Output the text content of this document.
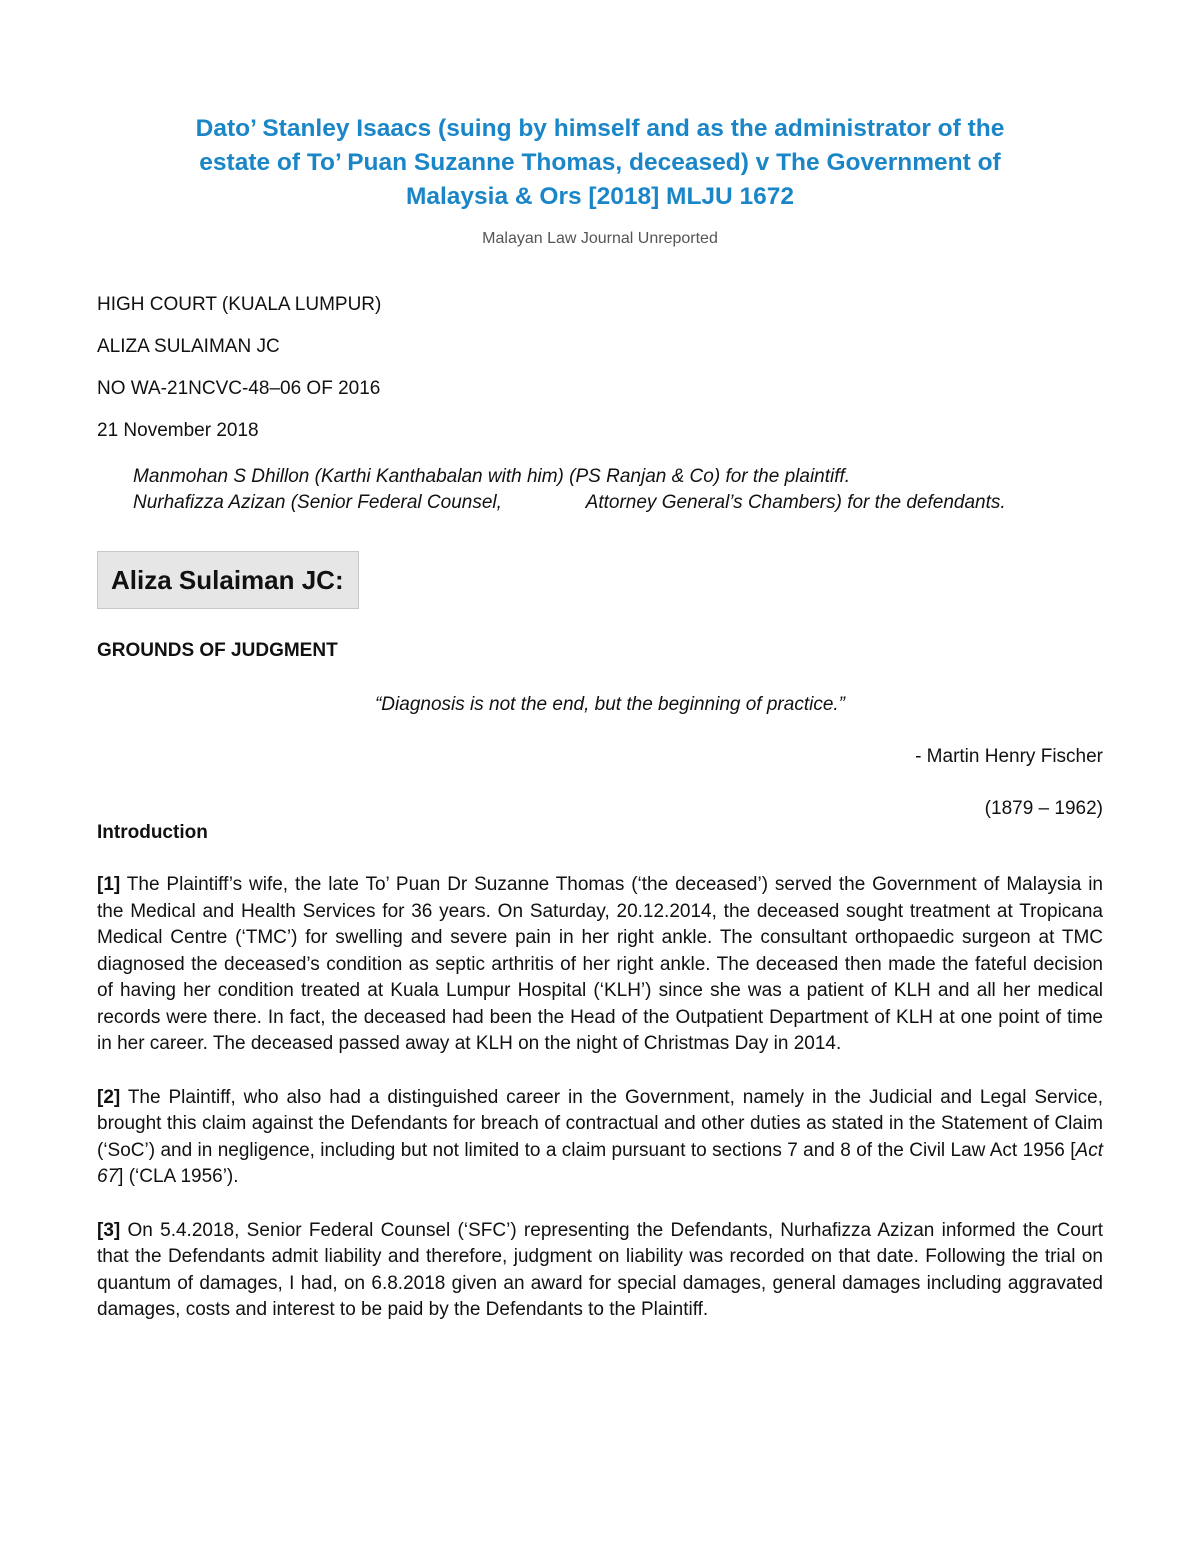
Dato’ Stanley Isaacs (suing by himself and as the administrator of the
estate of To’ Puan Suzanne Thomas, deceased) v The Government of
Malaysia & Ors [2018] MLJU 1672
Malayan Law Journal Unreported
HIGH COURT (KUALA LUMPUR)
ALIZA SULAIMAN JC
NO WA-21NCVC-48–06 OF 2016
21 November 2018
Manmohan S Dhillon (Karthi Kanthabalan with him) (PS Ranjan & Co) for the plaintiff.
Nurhafizza Azizan (Senior Federal Counsel,                Attorney General’s Chambers) for the defendants.
Aliza Sulaiman JC:
GROUNDS OF JUDGMENT
“Diagnosis is not the end, but the beginning of practice.”
- Martin Henry Fischer
(1879 – 1962)
Introduction
[1] The Plaintiff’s wife, the late To’ Puan Dr Suzanne Thomas (‘the deceased’) served the Government of Malaysia in the Medical and Health Services for 36 years. On Saturday, 20.12.2014, the deceased sought treatment at Tropicana Medical Centre (‘TMC’) for swelling and severe pain in her right ankle. The consultant orthopaedic surgeon at TMC diagnosed the deceased’s condition as septic arthritis of her right ankle. The deceased then made the fateful decision of having her condition treated at Kuala Lumpur Hospital (‘KLH’) since she was a patient of KLH and all her medical records were there. In fact, the deceased had been the Head of the Outpatient Department of KLH at one point of time in her career. The deceased passed away at KLH on the night of Christmas Day in 2014.
[2] The Plaintiff, who also had a distinguished career in the Government, namely in the Judicial and Legal Service, brought this claim against the Defendants for breach of contractual and other duties as stated in the Statement of Claim (‘SoC’) and in negligence, including but not limited to a claim pursuant to sections 7 and 8 of the Civil Law Act 1956 [Act 67] (‘CLA 1956’).
[3] On 5.4.2018, Senior Federal Counsel (‘SFC’) representing the Defendants, Nurhafizza Azizan informed the Court that the Defendants admit liability and therefore, judgment on liability was recorded on that date. Following the trial on quantum of damages, I had, on 6.8.2018 given an award for special damages, general damages including aggravated damages, costs and interest to be paid by the Defendants to the Plaintiff.
